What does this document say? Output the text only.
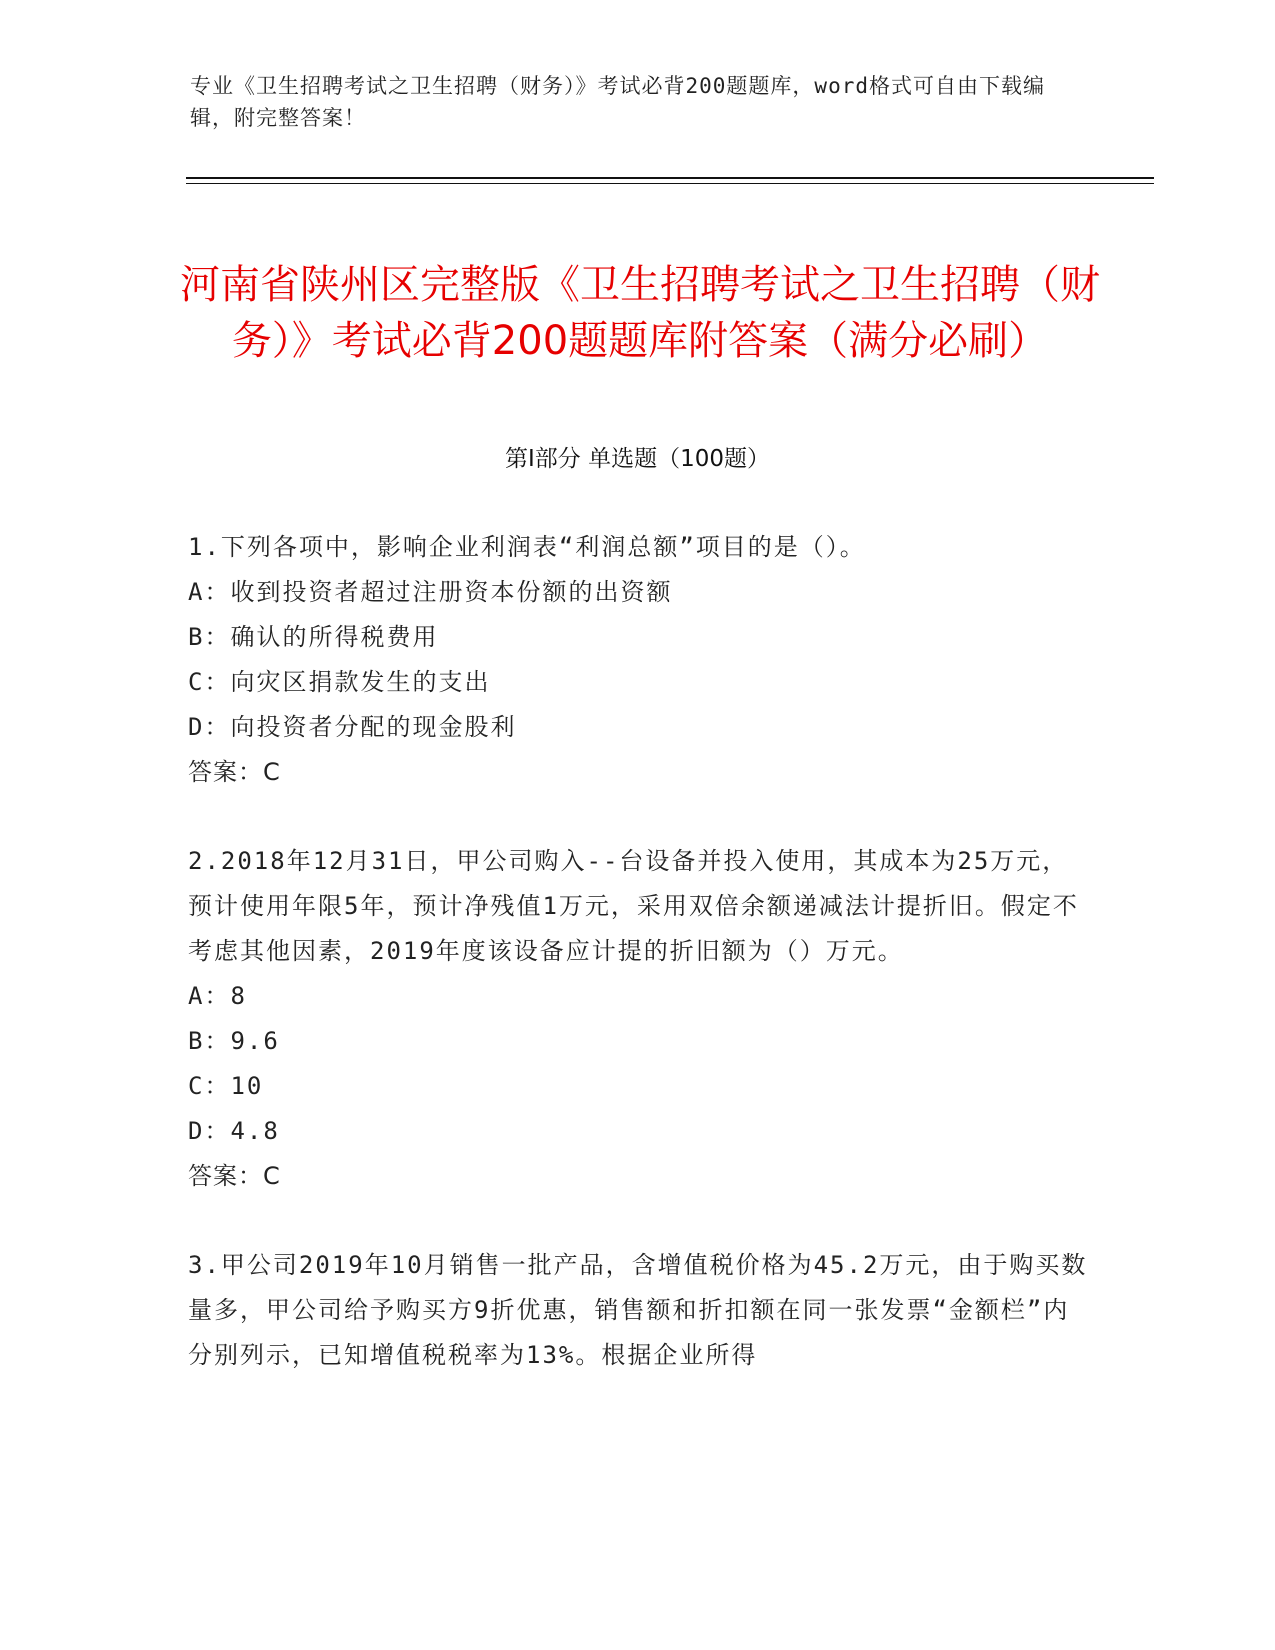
专业《卫生招聘考试之卫生招聘（财务）》考试必背200题题库，word格式可自由下载编辑，附完整答案！
河南省陕州区完整版《卫生招聘考试之卫生招聘（财务）》考试必背200题题库附答案（满分必刷）
第I部分 单选题（100题）

1.下列各项中，影响企业利润表“利润总额”项目的是（）。

A：收到投资者超过注册资本份额的出资额

B：确认的所得税费用

C：向灾区捐款发生的支出

D：向投资者分配的现金股利

答案：C

2.2018年12月31日，甲公司购入--台设备并投入使用，其成本为25万元，预计使用年限5年，预计净残值1万元，采用双倍余额递减法计提折旧。假定不考虑其他因素，2019年度该设备应计提的折旧额为（）万元。

A：8

B：9.6

C：10

D：4.8

答案：C

3.甲公司2019年10月销售一批产品，含增值税价格为45.2万元，由于购买数量多，甲公司给予购买方9折优惠，销售额和折扣额在同一张发票“金额栏”内分别列示，已知增值税税率为13%。根据企业所得
